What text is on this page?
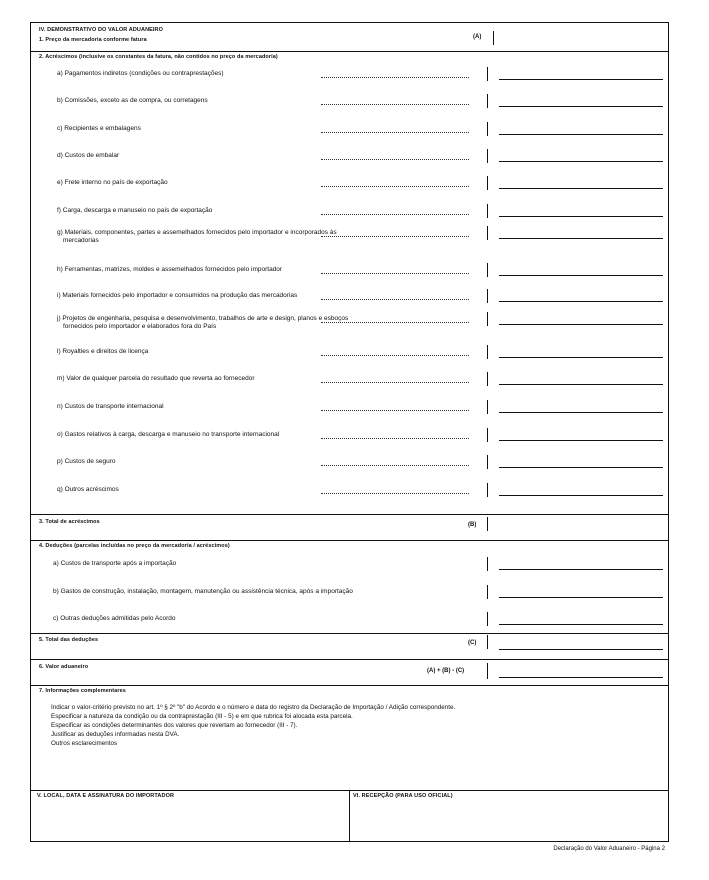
IV. DEMONSTRATIVO DO VALOR ADUANEIRO
1. Preço da mercadoria conforme fatura	(A)
2. Acréscimos (inclusive os constantes da fatura, não contidos no preço da mercadoria)
a) Pagamentos indiretos (condições ou contraprestações)
b) Comissões, exceto as de compra, ou corretagens
c) Recipientes e embalagens
d) Custos de embalar
e) Frete interno no país de exportação
f) Carga, descarga e manuseio no país de exportação
g) Materiais, componentes, partes e assemelhados fornecidos pelo importador e incorporados às
mercadorias
h) Ferramentas, matrizes, moldes e assemelhados fornecidos pelo importador
i) Materiais fornecidos pelo importador e consumidos na produção das mercadorias
j) Projetos de engenharia, pesquisa e desenvolvimento, trabalhos de arte e design, planos e esboços
fornecidos pelo importador e elaborados fora do País
l) Royalties e direitos de licença
m) Valor de qualquer parcela do resultado que reverta ao fornecedor
n) Custos de transporte internacional
o) Gastos relativos à carga, descarga e manuseio no transporte internacional
p) Custos de seguro
q) Outros acréscimos
3. Total de acréscimos	(B)
4. Deduções (parcelas incluídas no preço da mercadoria / acréscimos)
a) Custos de transporte após a importação
b) Gastos de construção, instalação, montagem, manutenção ou assistência técnica, após a importação
c) Outras deduções admitidas pelo Acordo
5. Total das deduções	(C)
6. Valor aduaneiro
(A) + (B) - (C)
7. Informações complementares
Indicar o valor-critério previsto no art. 1º § 2º "b" do Acordo e o número e data do registro da Declaração de Importação / Adição correspondente.
Especificar a natureza da condição ou da contraprestação (III - 5) e em que rubrica foi alocada esta parcela.
Especificar as condições determinantes dos valores que revertam ao fornecedor (III - 7).
Justificar as deduções informadas nesta DVA.
Outros esclarecimentos
V. LOCAL, DATA E ASSINATURA DO IMPORTADOR	VI. RECEPÇÃO (PARA USO OFICIAL)
Declaração do Valor Aduaneiro - Página 2
